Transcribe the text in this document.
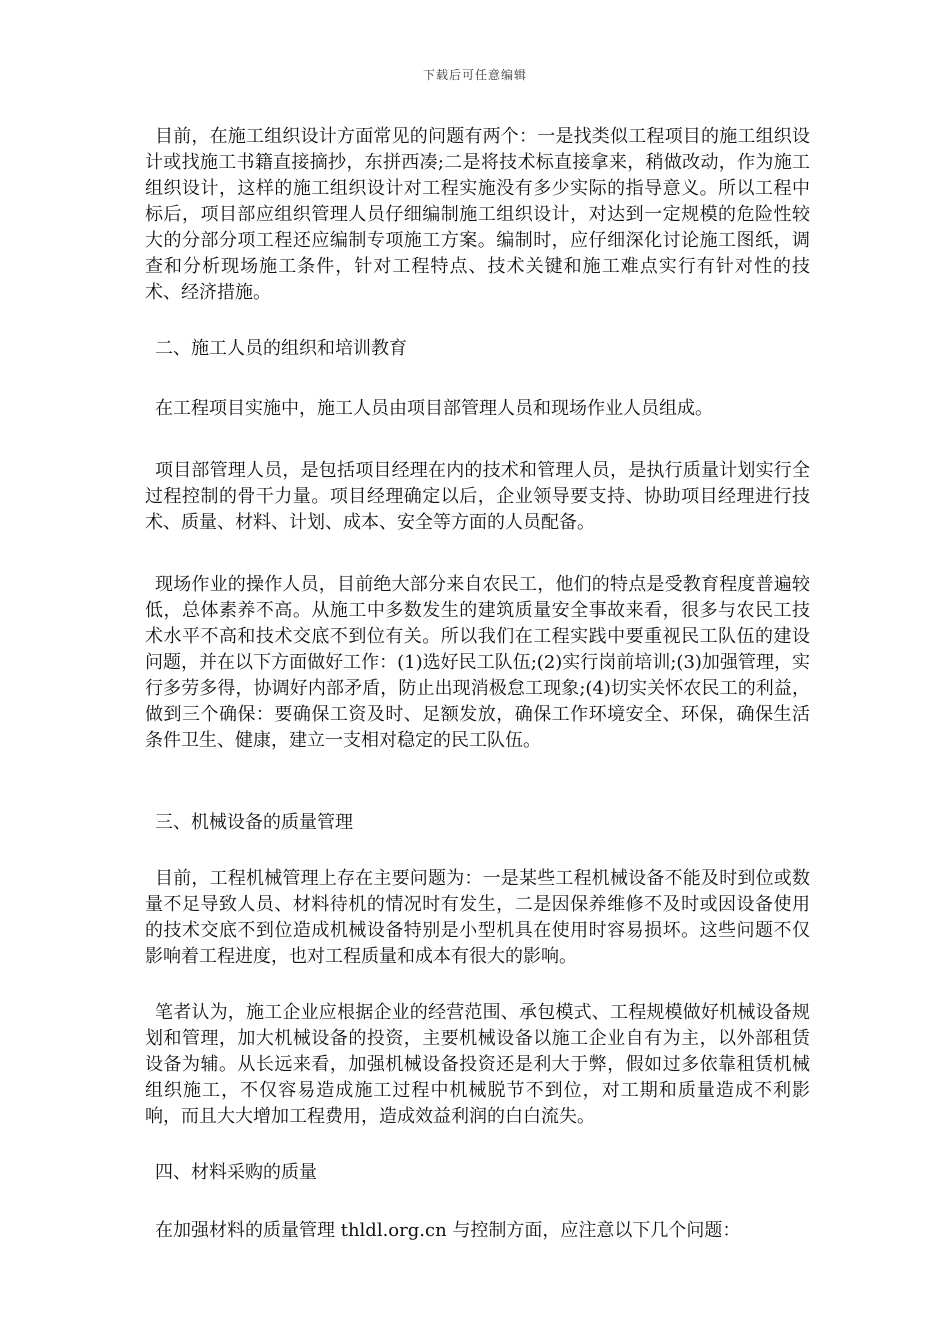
下载后可任意编辑

目前，在施工组织设计方面常见的问题有两个：一是找类似工程项目的施工组织设计或找施工书籍直接摘抄，东拼西凑;二是将技术标直接拿来，稍做改动，作为施工组织设计，这样的施工组织设计对工程实施没有多少实际的指导意义。所以工程中标后，项目部应组织管理人员仔细编制施工组织设计，对达到一定规模的危险性较大的分部分项工程还应编制专项施工方案。编制时，应仔细深化讨论施工图纸，调查和分析现场施工条件，针对工程特点、技术关键和施工难点实行有针对性的技术、经济措施。

二、施工人员的组织和培训教育

在工程项目实施中，施工人员由项目部管理人员和现场作业人员组成。

项目部管理人员，是包括项目经理在内的技术和管理人员，是执行质量计划实行全过程控制的骨干力量。项目经理确定以后，企业领导要支持、协助项目经理进行技术、质量、材料、计划、成本、安全等方面的人员配备。

现场作业的操作人员，目前绝大部分来自农民工，他们的特点是受教育程度普遍较低，总体素养不高。从施工中多数发生的建筑质量安全事故来看，很多与农民工技术水平不高和技术交底不到位有关。所以我们在工程实践中要重视民工队伍的建设问题，并在以下方面做好工作：(1)选好民工队伍;(2)实行岗前培训;(3)加强管理，实行多劳多得，协调好内部矛盾，防止出现消极怠工现象;(4)切实关怀农民工的利益，做到三个确保：要确保工资及时、足额发放，确保工作环境安全、环保，确保生活条件卫生、健康，建立一支相对稳定的民工队伍。

三、机械设备的质量管理

目前，工程机械管理上存在主要问题为：一是某些工程机械设备不能及时到位或数量不足导致人员、材料待机的情况时有发生，二是因保养维修不及时或因设备使用的技术交底不到位造成机械设备特别是小型机具在使用时容易损坏。这些问题不仅影响着工程进度，也对工程质量和成本有很大的影响。

笔者认为，施工企业应根据企业的经营范围、承包模式、工程规模做好机械设备规划和管理，加大机械设备的投资，主要机械设备以施工企业自有为主，以外部租赁设备为辅。从长远来看，加强机械设备投资还是利大于弊，假如过多依靠租赁机械组织施工，不仅容易造成施工过程中机械脱节不到位，对工期和质量造成不利影响，而且大大增加工程费用，造成效益利润的白白流失。

四、材料采购的质量

在加强材料的质量管理 thldl.org.cn 与控制方面，应注意以下几个问题：
